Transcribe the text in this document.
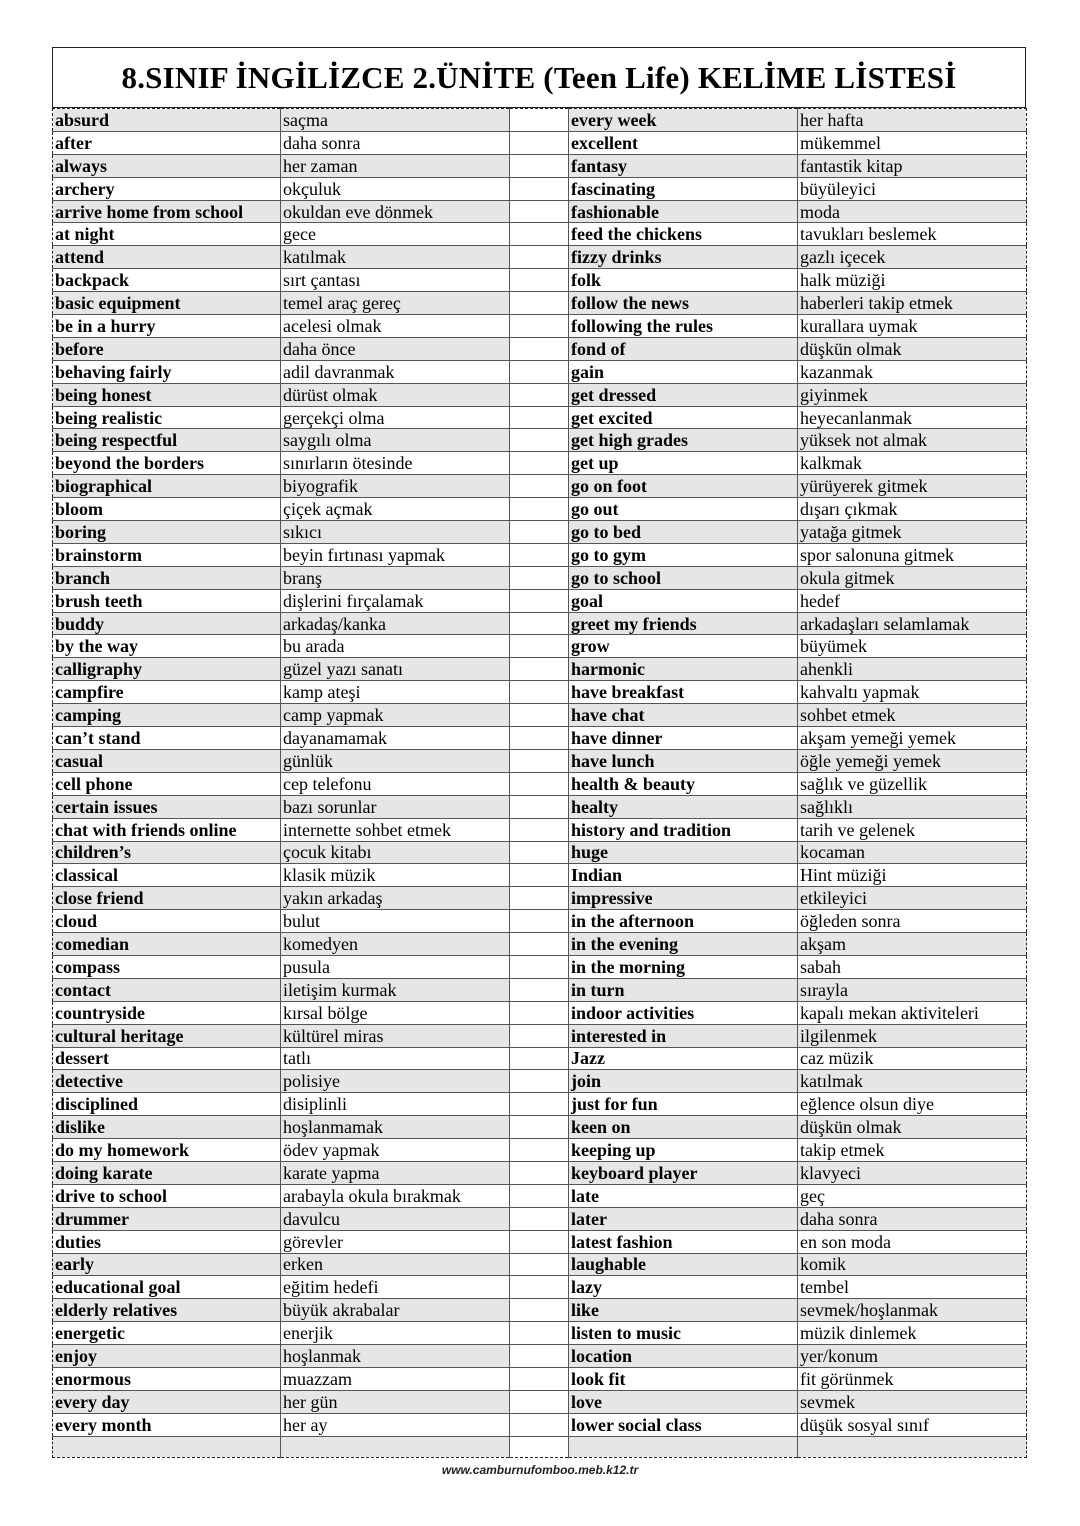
8.SINIF İNGİLİZCE 2.ÜNİTE (Teen Life) KELİME LİSTESİ
absurd	saçma		every week	her hafta
after	daha sonra		excellent	mükemmel
always	her zaman		fantasy	fantastik kitap
archery	okçuluk		fascinating	büyüleyici
arrive home from school	okuldan eve dönmek		fashionable	moda
at night	gece		feed the chickens	tavukları beslemek
attend	katılmak		fizzy drinks	gazlı içecek
backpack	sırt çantası		folk	halk müziği
basic equipment	temel araç gereç		follow the news	haberleri takip etmek
be in a hurry	acelesi olmak		following the rules	kurallara uymak
before	daha önce		fond of	düşkün olmak
behaving fairly	adil davranmak		gain	kazanmak
being honest	dürüst olmak		get dressed	giyinmek
being realistic	gerçekçi olma		get excited	heyecanlanmak
being respectful	saygılı olma		get high grades	yüksek not almak
beyond the borders	sınırların ötesinde		get up	kalkmak
biographical	biyografik		go on foot	yürüyerek gitmek
bloom	çiçek açmak		go out	dışarı çıkmak
boring	sıkıcı		go to bed	yatağa gitmek
brainstorm	beyin fırtınası yapmak		go to gym	spor salonuna gitmek
branch	branş		go to school	okula gitmek
brush teeth	dişlerini fırçalamak		goal	hedef
buddy	arkadaş/kanka		greet my friends	arkadaşları selamlamak
by the way	bu arada		grow	büyümek
calligraphy	güzel yazı sanatı		harmonic	ahenkli
campfire	kamp ateşi		have breakfast	kahvaltı yapmak
camping	camp yapmak		have chat	sohbet etmek
can’t stand	dayanamamak		have dinner	akşam yemeği yemek
casual	günlük		have lunch	öğle yemeği yemek
cell phone	cep telefonu		health & beauty	sağlık ve güzellik
certain issues	bazı sorunlar		healty	sağlıklı
chat with friends online	internette sohbet etmek		history and tradition	tarih ve gelenek
children’s	çocuk kitabı		huge	kocaman
classical	klasik müzik		Indian	Hint müziği
close friend	yakın arkadaş		impressive	etkileyici
cloud	bulut		in the afternoon	öğleden sonra
comedian	komedyen		in the evening	akşam
compass	pusula		in the morning	sabah
contact	iletişim kurmak		in turn	sırayla
countryside	kırsal bölge		indoor activities	kapalı mekan aktiviteleri
cultural heritage	kültürel miras		interested in	ilgilenmek
dessert	tatlı		Jazz	caz müzik
detective	polisiye		join	katılmak
disciplined	disiplinli		just for fun	eğlence olsun diye
dislike	hoşlanmamak		keen on	düşkün olmak
do my homework	ödev yapmak		keeping up	takip etmek
doing karate	karate yapma		keyboard player	klavyeci
drive to school	arabayla okula bırakmak		late	geç
drummer	davulcu		later	daha sonra
duties	görevler		latest fashion	en son moda
early	erken		laughable	komik
educational goal	eğitim hedefi		lazy	tembel
elderly relatives	büyük akrabalar		like	sevmek/hoşlanmak
energetic	enerjik		listen to music	müzik dinlemek
enjoy	hoşlanmak		location	yer/konum
enormous	muazzam		look fit	fit görünmek
every day	her gün		love	sevmek
every month	her ay		lower social class	düşük sosyal sınıf

www.camburnufomboo.meb.k12.tr
